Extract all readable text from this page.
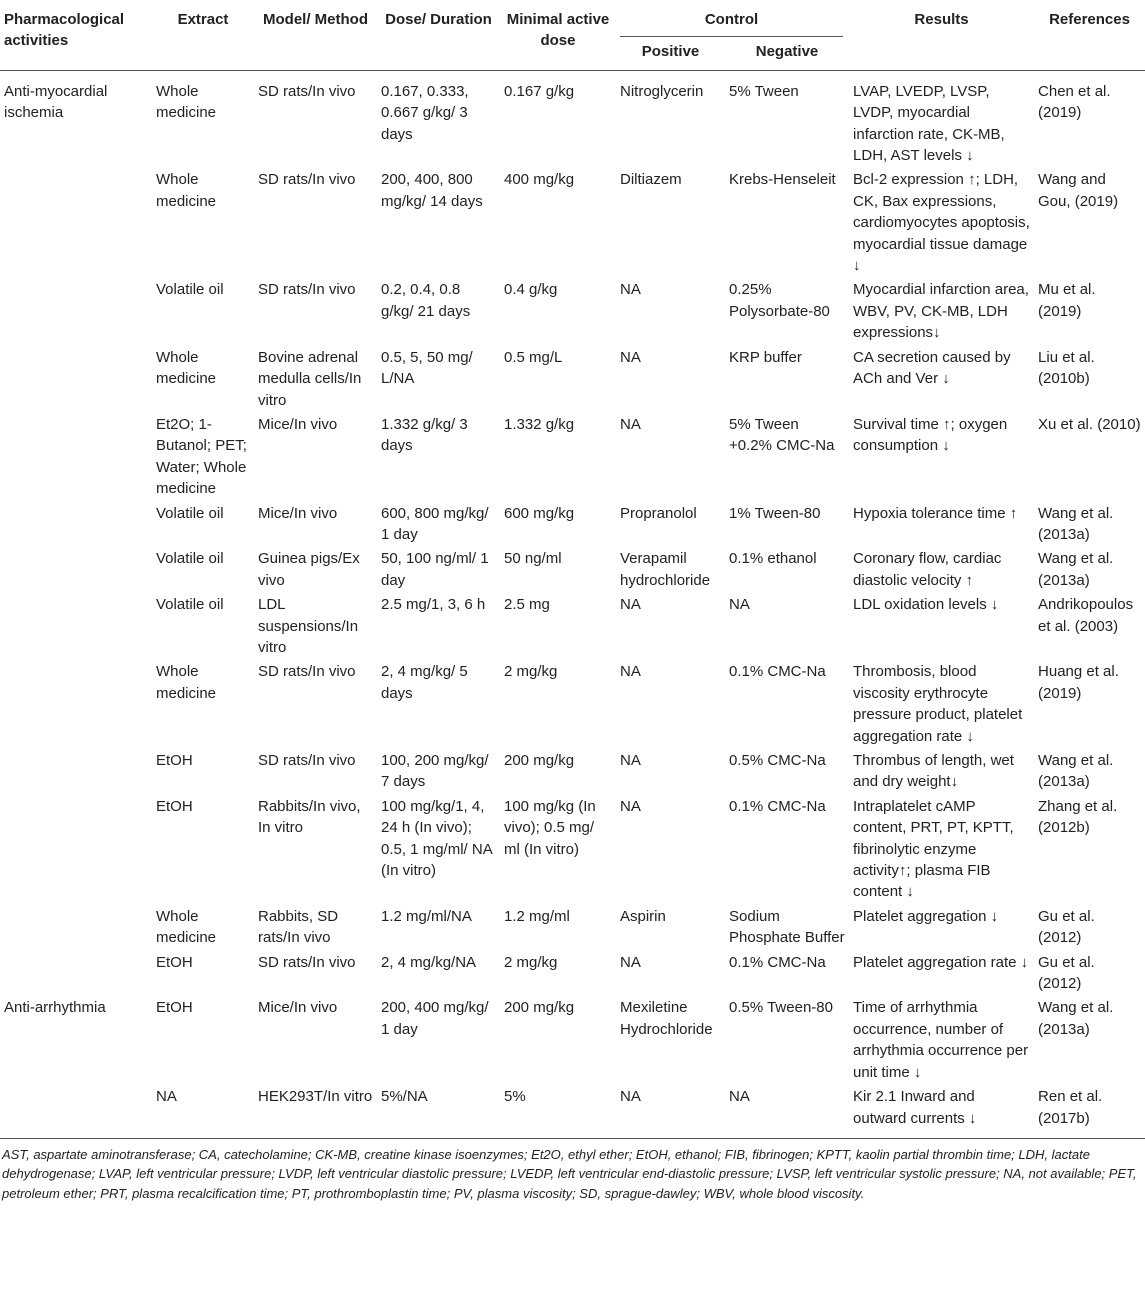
Pharmacological activities	Extract	Model/ Method	Dose/ Duration	Minimal active dose	Control		Results	References
					Positive	Negative		
Anti-myocardial ischemia	Whole medicine	SD rats/In vivo	0.167, 0.333, 0.667 g/kg/ 3 days	0.167 g/kg	Nitroglycerin	5% Tween	LVAP, LVEDP, LVSP, LVDP, myocardial infarction rate, CK-MB, LDH, AST levels ↓	Chen et al. (2019)
	Whole medicine	SD rats/In vivo	200, 400, 800 mg/kg/ 14 days	400 mg/kg	Diltiazem	Krebs-Henseleit	Bcl-2 expression ↑; LDH, CK, Bax expressions, cardiomyocytes apoptosis, myocardial tissue damage ↓	Wang and Gou, (2019)
	Volatile oil	SD rats/In vivo	0.2, 0.4, 0.8 g/kg/ 21 days	0.4 g/kg	NA	0.25% Polysorbate-80	Myocardial infarction area, WBV, PV, CK-MB, LDH expressions↓	Mu et al. (2019)
	Whole medicine	Bovine adrenal medulla cells/In vitro	0.5, 5, 50 mg/ L/NA	0.5 mg/L	NA	KRP buffer	CA secretion caused by ACh and Ver ↓	Liu et al. (2010b)
	Et2O; 1-Butanol; PET; Water; Whole medicine	Mice/In vivo	1.332 g/kg/ 3 days	1.332 g/kg	NA	5% Tween +0.2% CMC-Na	Survival time ↑; oxygen consumption ↓	Xu et al. (2010)
	Volatile oil	Mice/In vivo	600, 800 mg/kg/ 1 day	600 mg/kg	Propranolol	1% Tween-80	Hypoxia tolerance time ↑	Wang et al. (2013a)
	Volatile oil	Guinea pigs/Ex vivo	50, 100 ng/ml/ 1 day	50 ng/ml	Verapamil hydrochloride	0.1% ethanol	Coronary flow, cardiac diastolic velocity ↑	Wang et al. (2013a)
	Volatile oil	LDL suspensions/In vitro	2.5 mg/1, 3, 6 h	2.5 mg	NA	NA	LDL oxidation levels ↓	Andrikopoulos et al. (2003)
	Whole medicine	SD rats/In vivo	2, 4 mg/kg/ 5 days	2 mg/kg	NA	0.1% CMC-Na	Thrombosis, blood viscosity erythrocyte pressure product, platelet aggregation rate ↓	Huang et al. (2019)
	EtOH	SD rats/In vivo	100, 200 mg/kg/ 7 days	200 mg/kg	NA	0.5% CMC-Na	Thrombus of length, wet and dry weight↓	Wang et al. (2013a)
	EtOH	Rabbits/In vivo, In vitro	100 mg/kg/1, 4, 24 h (In vivo); 0.5, 1 mg/ml/ NA (In vitro)	100 mg/kg (In vivo); 0.5 mg/ ml (In vitro)	NA	0.1% CMC-Na	Intraplatelet cAMP content, PRT, PT, KPTT, fibrinolytic enzyme activity↑; plasma FIB content ↓	Zhang et al. (2012b)
	Whole medicine	Rabbits, SD rats/In vivo	1.2 mg/ml/NA	1.2 mg/ml	Aspirin	Sodium Phosphate Buffer	Platelet aggregation ↓	Gu et al. (2012)
	EtOH	SD rats/In vivo	2, 4 mg/kg/NA	2 mg/kg	NA	0.1% CMC-Na	Platelet aggregation rate ↓	Gu et al. (2012)
Anti-arrhythmia	EtOH	Mice/In vivo	200, 400 mg/kg/ 1 day	200 mg/kg	Mexiletine Hydrochloride	0.5% Tween-80	Time of arrhythmia occurrence, number of arrhythmia occurrence per unit time ↓	Wang et al. (2013a)
	NA	HEK293T/In vitro	5%/NA	5%	NA	NA	Kir 2.1 Inward and outward currents ↓	Ren et al. (2017b)
AST, aspartate aminotransferase; CA, catecholamine; CK-MB, creatine kinase isoenzymes; Et2O, ethyl ether; EtOH, ethanol; FIB, fibrinogen; KPTT, kaolin partial thrombin time; LDH, lactate dehydrogenase; LVAP, left ventricular pressure; LVDP, left ventricular diastolic pressure; LVEDP, left ventricular end-diastolic pressure; LVSP, left ventricular systolic pressure; NA, not available; PET, petroleum ether; PRT, plasma recalcification time; PT, prothromboplastin time; PV, plasma viscosity; SD, sprague-dawley; WBV, whole blood viscosity.								
